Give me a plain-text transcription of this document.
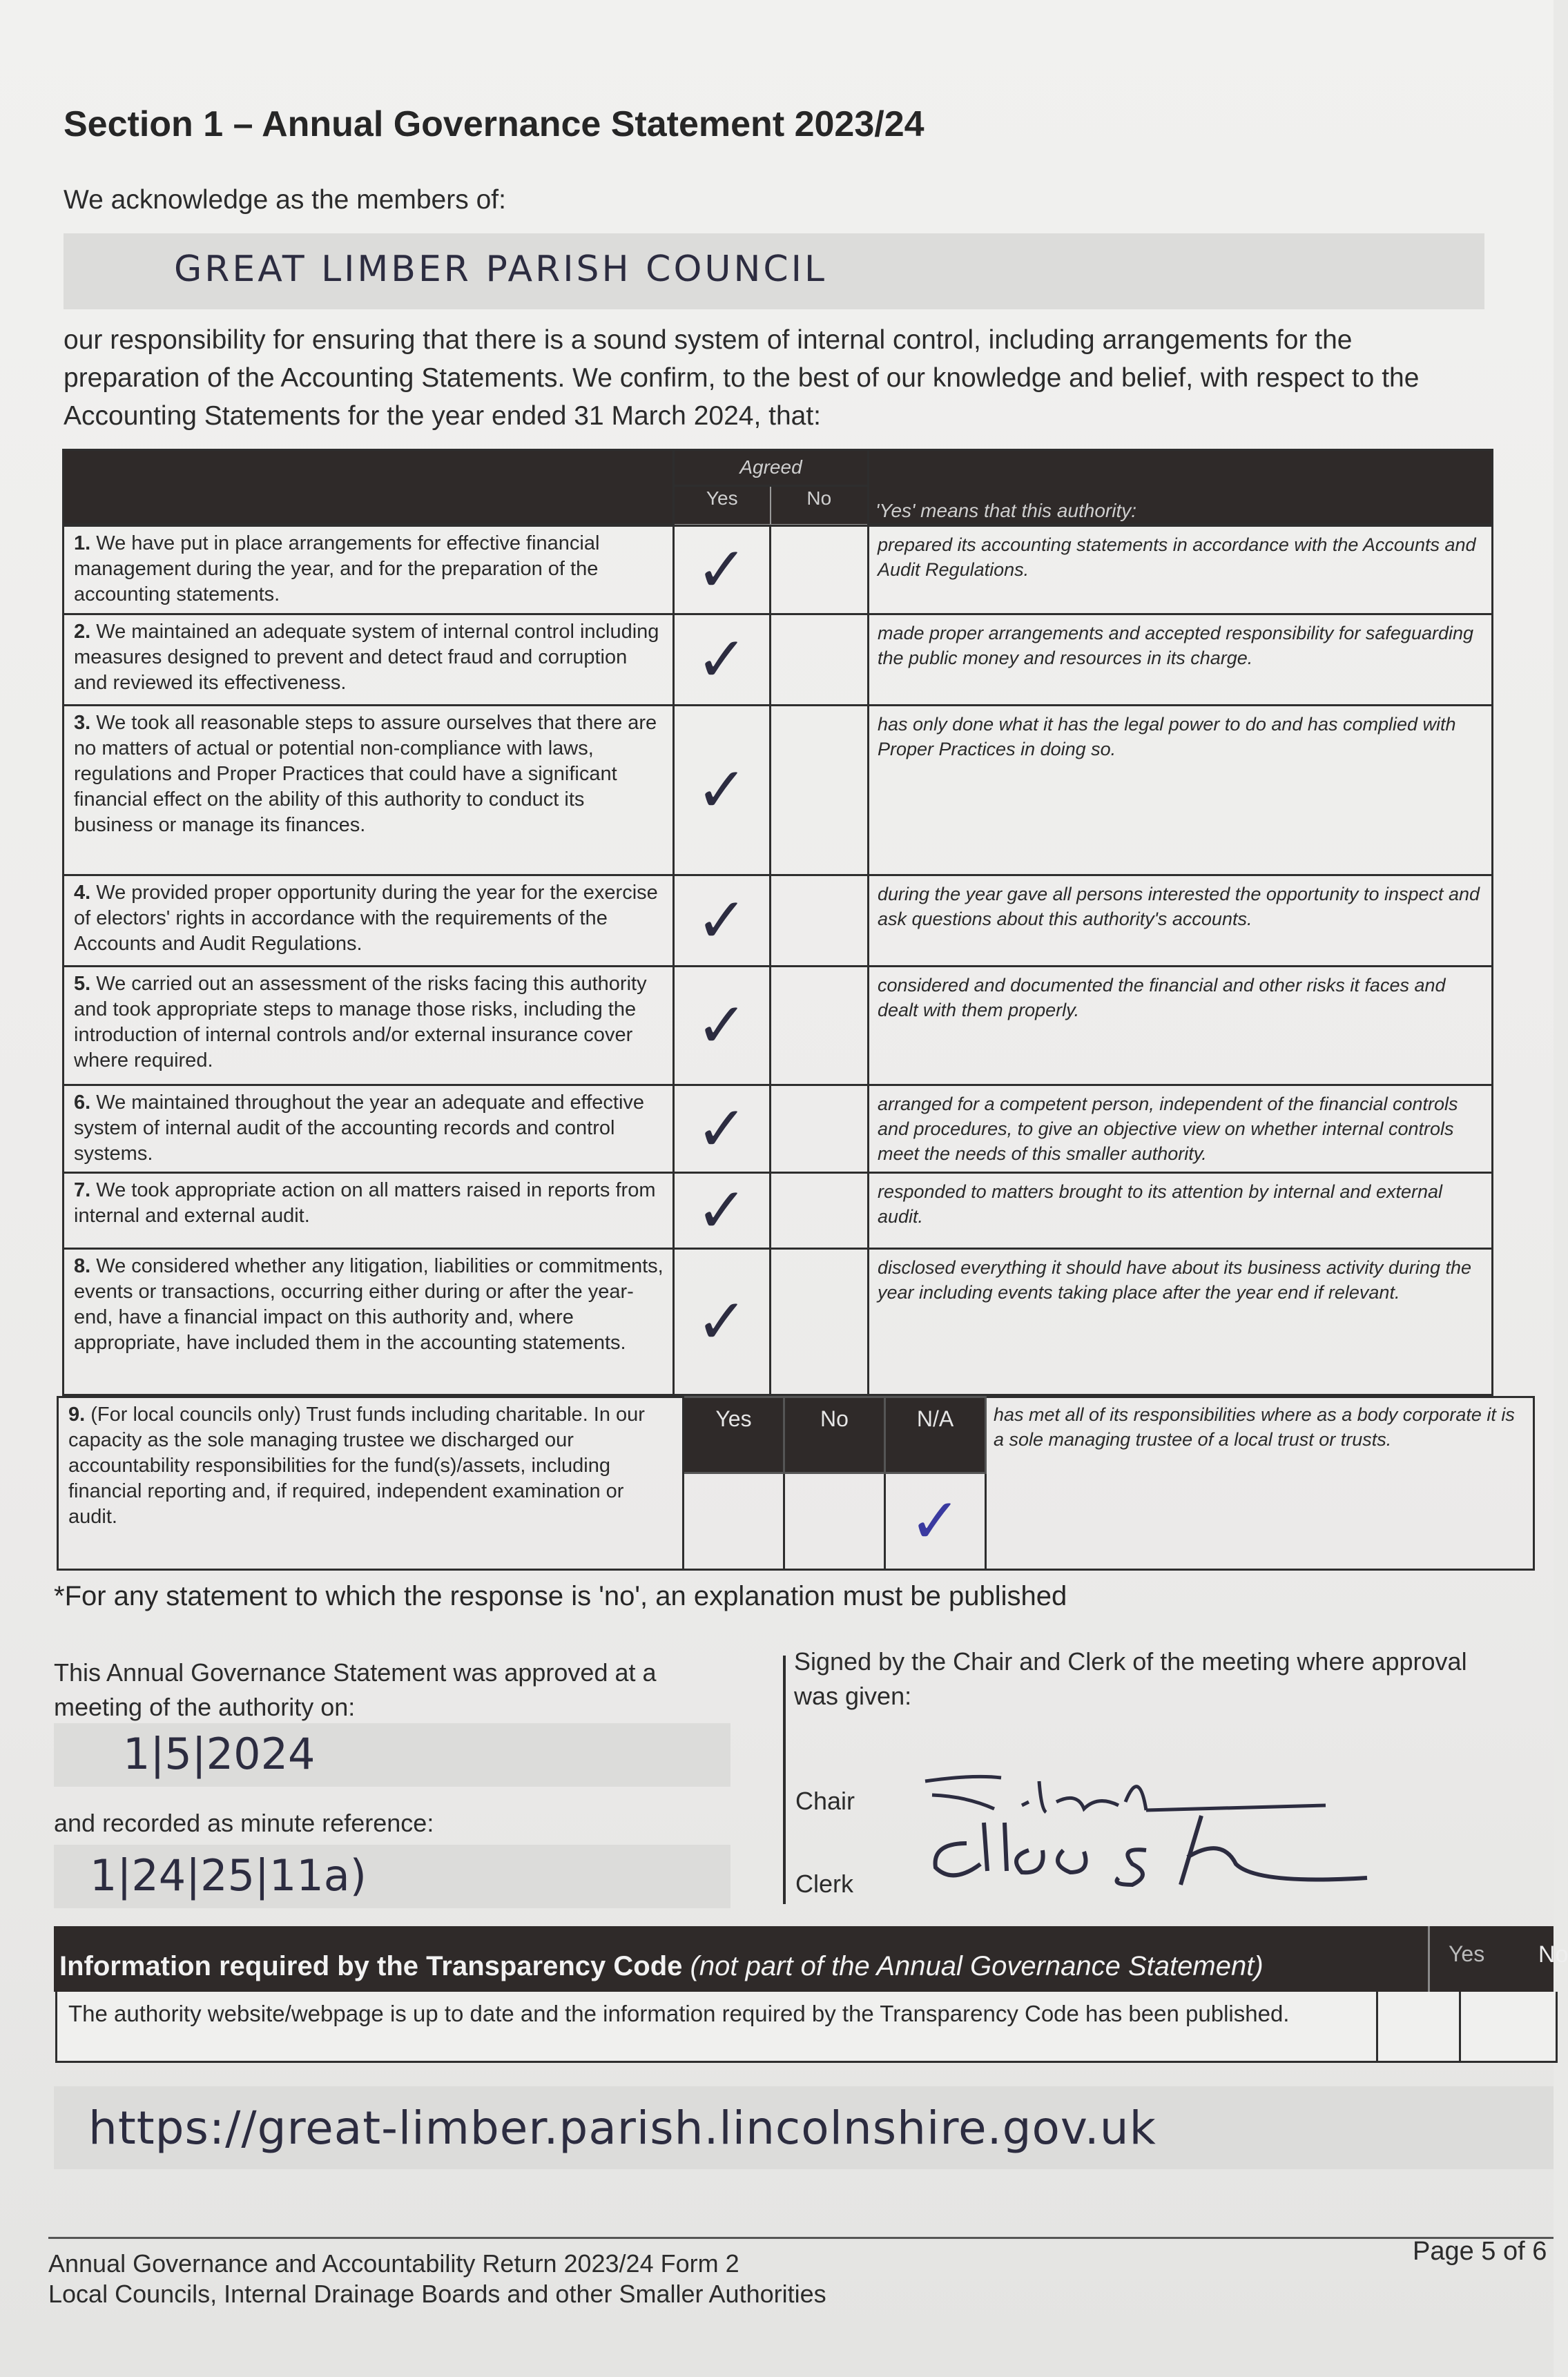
Section 1 – Annual Governance Statement 2023/24
We acknowledge as the members of:
GREAT LIMBER PARISH COUNCIL
our responsibility for ensuring that there is a sound system of internal control, including arrangements for the preparation of the Accounting Statements. We confirm, to the best of our knowledge and belief, with respect to the Accounting Statements for the year ended 31 March 2024, that:
	Agreed		
	Yes	No	
'Yes' means that this authority:
1. We have put in place arrangements for effective financial management during the year, and for the preparation of the accounting statements.	✓		prepared its accounting statements in accordance with the Accounts and Audit Regulations.
2. We maintained an adequate system of internal control including measures designed to prevent and detect fraud and corruption and reviewed its effectiveness.	✓		made proper arrangements and accepted responsibility for safeguarding the public money and resources in its charge.
3. We took all reasonable steps to assure ourselves that there are no matters of actual or potential non-compliance with laws, regulations and Proper Practices that could have a significant financial effect on the ability of this authority to conduct its business or manage its finances.	✓		has only done what it has the legal power to do and has complied with Proper Practices in doing so.
4. We provided proper opportunity during the year for the exercise of electors' rights in accordance with the requirements of the Accounts and Audit Regulations.	✓		during the year gave all persons interested the opportunity to inspect and ask questions about this authority's accounts.
5. We carried out an assessment of the risks facing this authority and took appropriate steps to manage those risks, including the introduction of internal controls and/or external insurance cover where required.	✓		considered and documented the financial and other risks it faces and dealt with them properly.
6. We maintained throughout the year an adequate and effective system of internal audit of the accounting records and control systems.	✓		arranged for a competent person, independent of the financial controls and procedures, to give an objective view on whether internal controls meet the needs of this smaller authority.
7. We took appropriate action on all matters raised in reports from internal and external audit.	✓		responded to matters brought to its attention by internal and external audit.
8. We considered whether any litigation, liabilities or commitments, events or transactions, occurring either during or after the year-end, have a financial impact on this authority and, where appropriate, have included them in the accounting statements.	✓		disclosed everything it should have about its business activity during the year including events taking place after the year end if relevant.
9. (For local councils only) Trust funds including charitable. In our capacity as the sole managing trustee we discharged our accountability responsibilities for the fund(s)/assets, including financial reporting and, if required, independent examination or audit.	Yes	No	N/A	has met all of its responsibilities where as a body corporate it is a sole managing trustee of a local trust or trusts.
			✓	
*For any statement to which the response is 'no', an explanation must be published
This Annual Governance Statement was approved at a meeting of the authority on:
1|5|2024
and recorded as minute reference:
1|24|25|11a)
Signed by the Chair and Clerk of the meeting where approval was given:
Chair
Clerk
Information required by the Transparency Code (not part of the Annual Governance Statement)	Yes No
The authority website/webpage is up to date and the information required by the Transparency Code has been published.
https://great-limber.parish.lincolnshire.gov.uk
Annual Governance and Accountability Return 2023/24 Form 2
Local Councils, Internal Drainage Boards and other Smaller Authorities
Page 5 of 6
